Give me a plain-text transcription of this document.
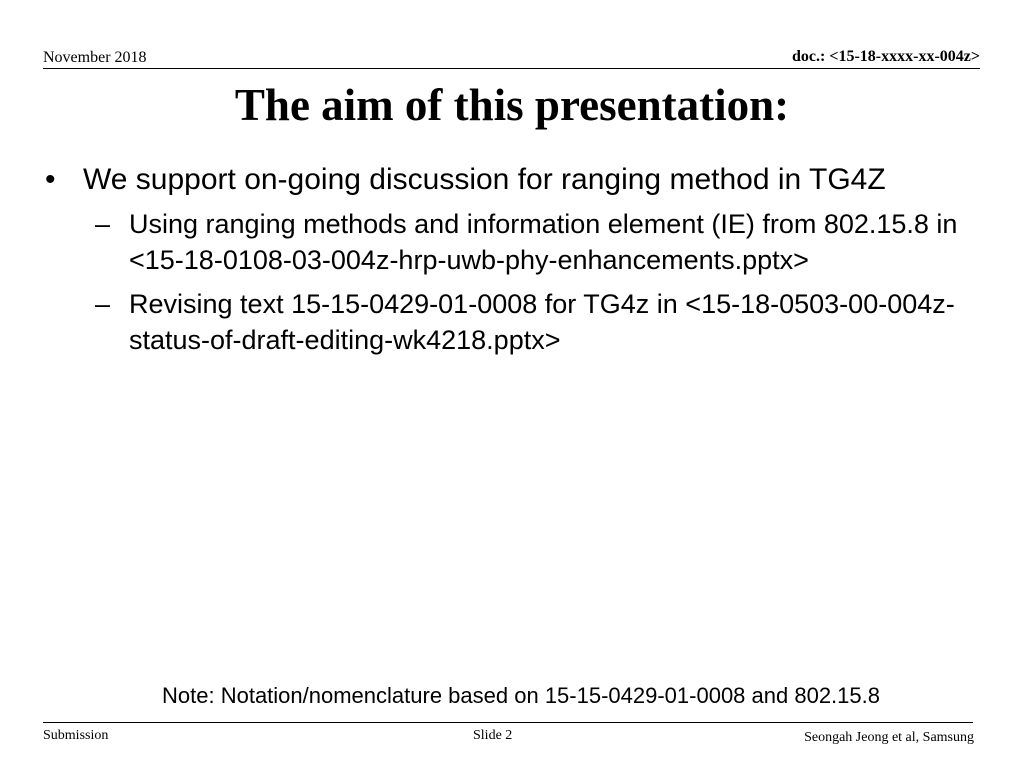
November 2018	doc.: <15-18-xxxx-xx-004z>
The aim of this presentation:
• We support on-going discussion for ranging method in TG4Z
– Using ranging methods and information element (IE) from 802.15.8 in <15-18-0108-03-004z-hrp-uwb-phy-enhancements.pptx>
– Revising text 15-15-0429-01-0008 for TG4z in <15-18-0503-00-004z-status-of-draft-editing-wk4218.pptx>
Note: Notation/nomenclature based on 15-15-0429-01-0008 and 802.15.8
Submission	Slide 2	Seongah Jeong et al, Samsung
